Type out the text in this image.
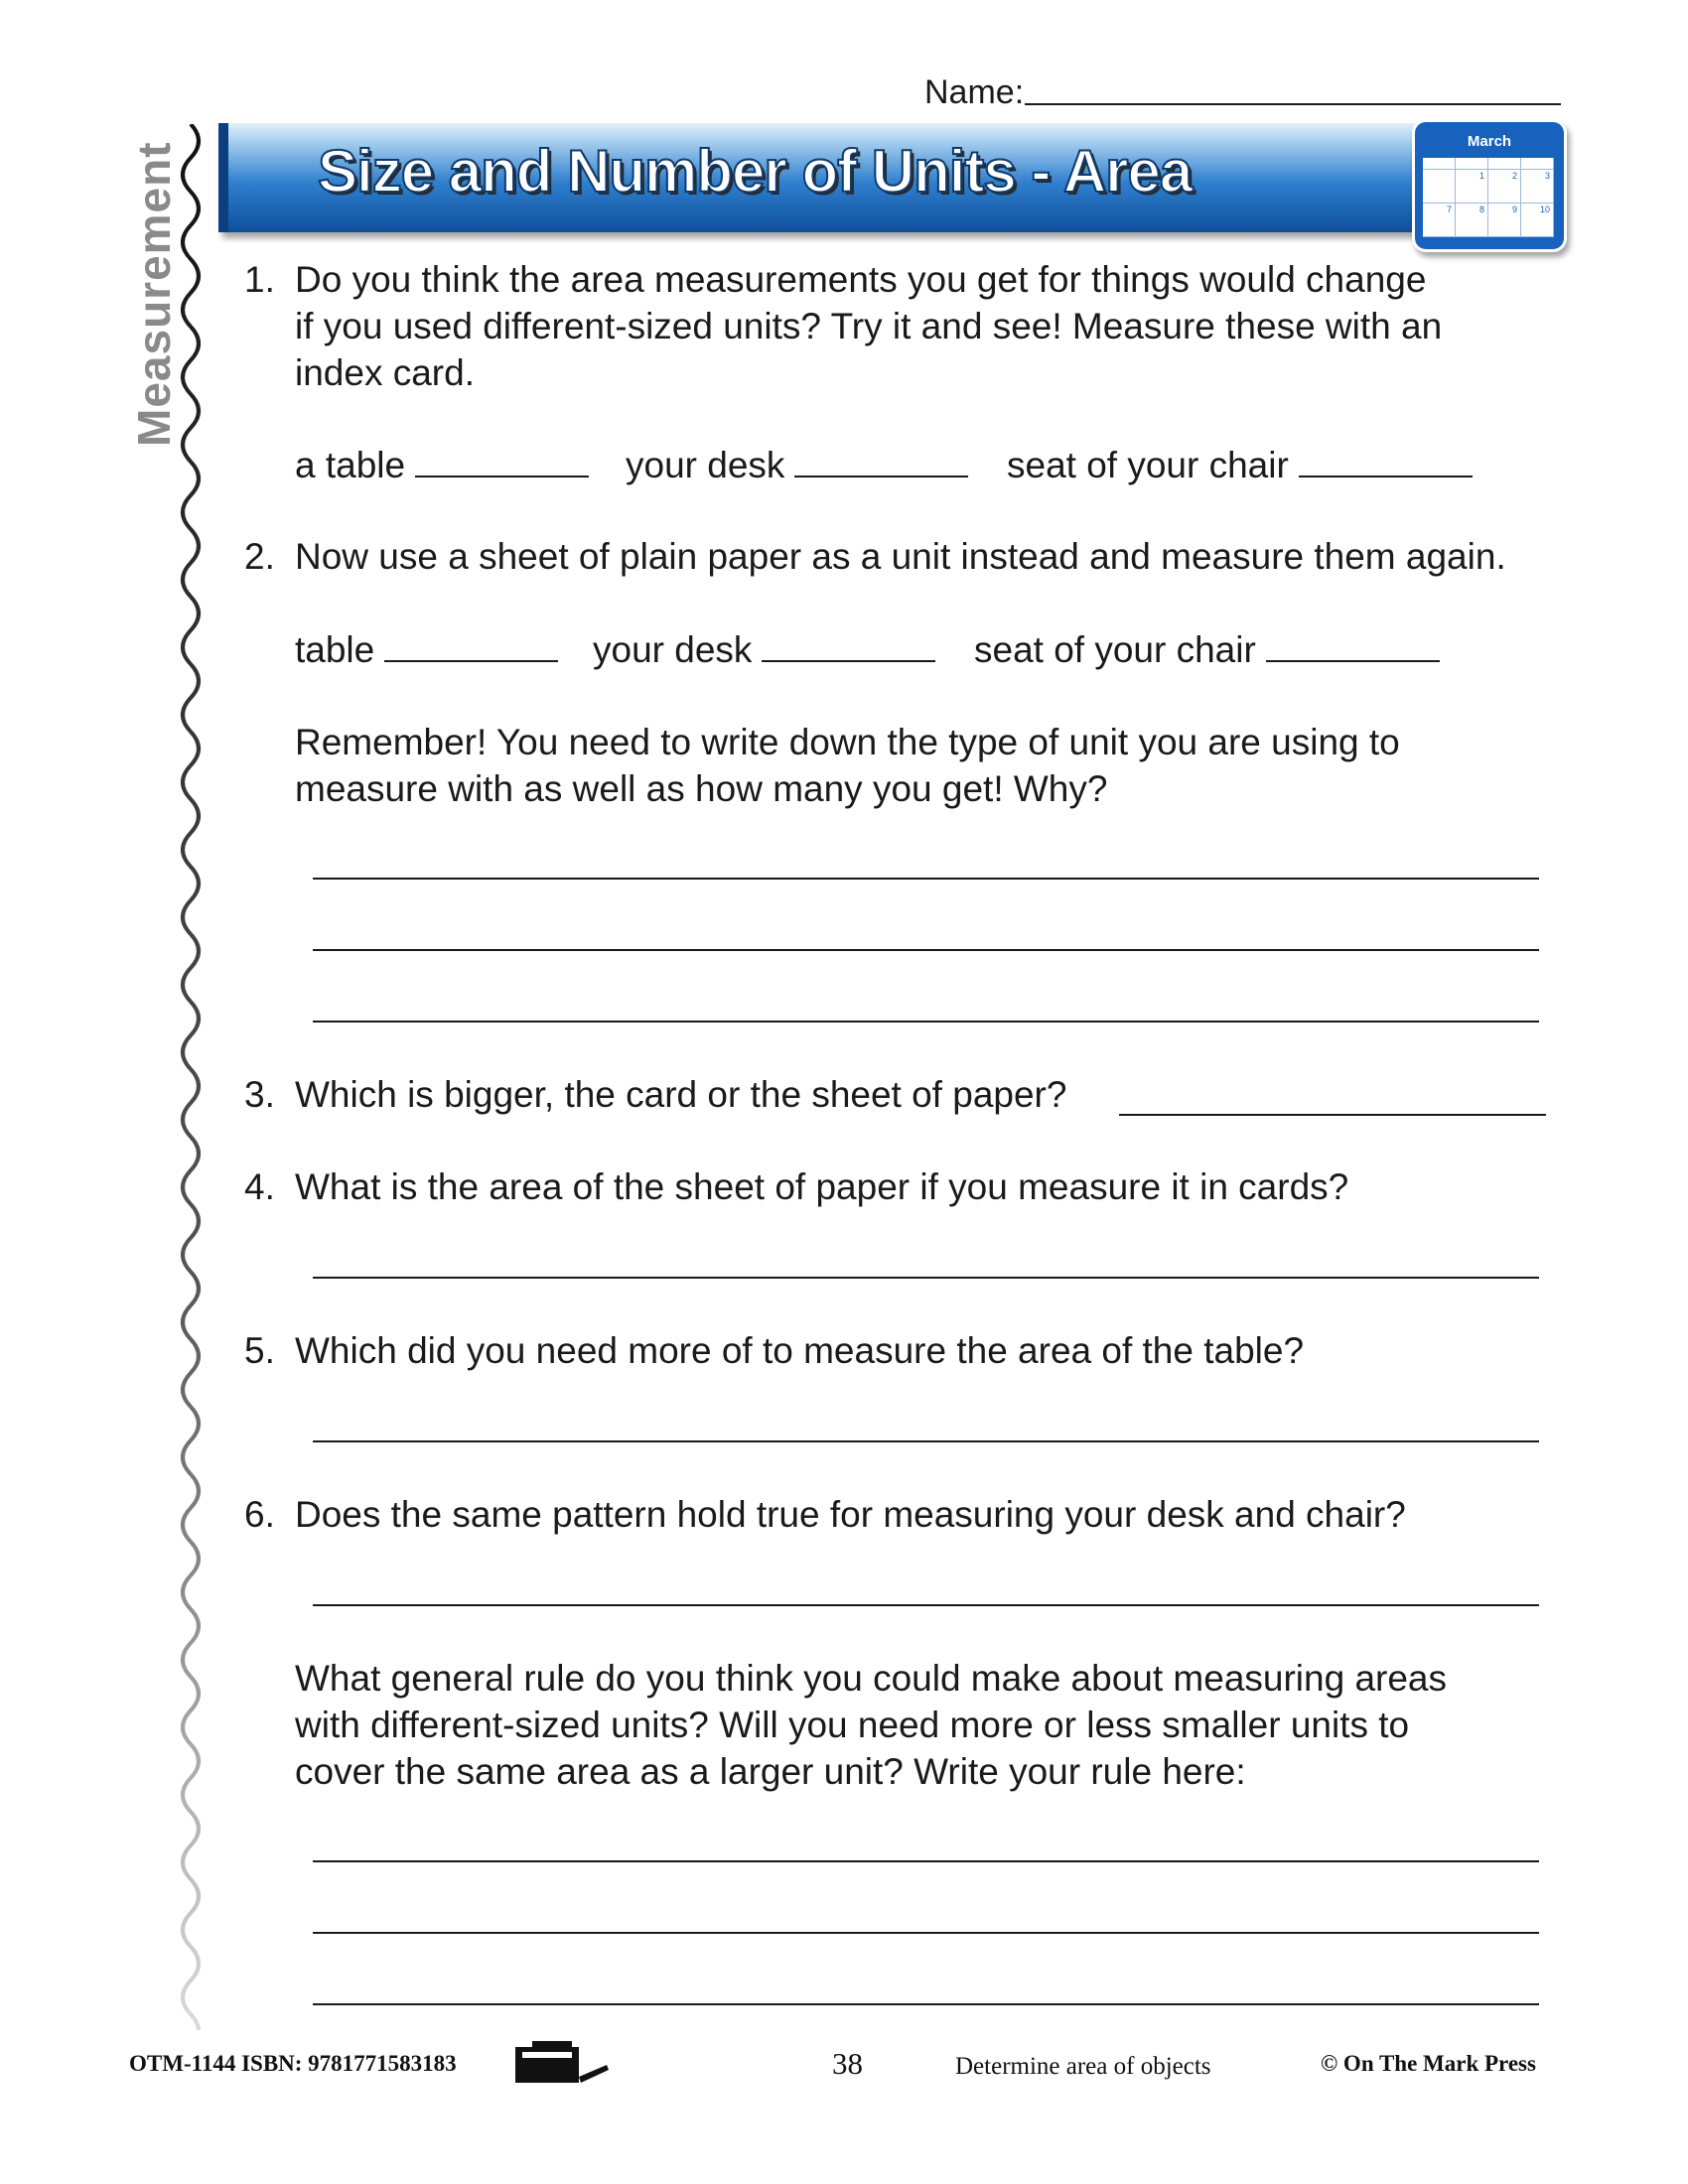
Name:
Measurement Size and Number of Units - Area	March
1	2	3
7	8	9	10
1. Do you think the area measurements you get for things would change
if you used different-sized units? Try it and see! Measure these with an
index card.
a table	your desk	seat of your chair
2. Now use a sheet of plain paper as a unit instead and measure them again.
table	your desk	seat of your chair
Remember! You need to write down the type of unit you are using to
measure with as well as how many you get! Why?
3. Which is bigger, the card or the sheet of paper?
4. What is the area of the sheet of paper if you measure it in cards?
5. Which did you need more of to measure the area of the table?
6. Does the same pattern hold true for measuring your desk and chair?
What general rule do you think you could make about measuring areas
with different-sized units? Will you need more or less smaller units to
cover the same area as a larger unit? Write your rule here:
OTM-1144 ISBN: 9781771583183	38	Determine area of objects	© On The Mark Press
